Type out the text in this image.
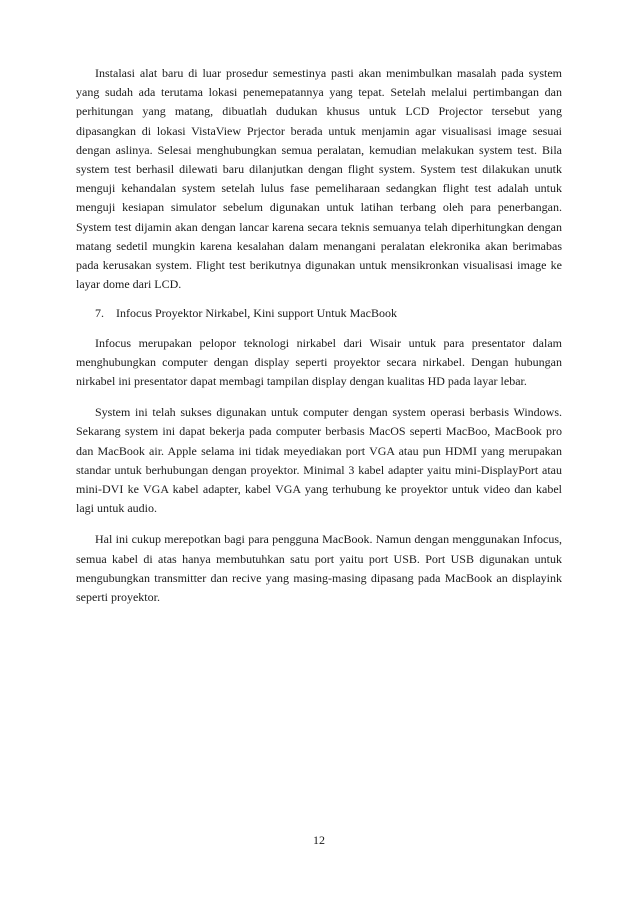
Instalasi alat baru di luar prosedur semestinya pasti akan menimbulkan masalah pada system yang sudah ada terutama lokasi penemepatannya yang tepat. Setelah melalui pertimbangan dan perhitungan yang matang, dibuatlah dudukan khusus untuk LCD Projector tersebut yang dipasangkan di lokasi VistaView Prjector berada untuk menjamin agar visualisasi image sesuai dengan aslinya. Selesai menghubungkan semua peralatan, kemudian melakukan system test. Bila system test berhasil dilewati baru dilanjutkan dengan flight system. System test dilakukan unutk menguji kehandalan system setelah lulus fase pemeliharaan sedangkan flight test adalah untuk menguji kesiapan simulator sebelum digunakan untuk latihan terbang oleh para penerbangan. System test dijamin akan dengan lancar karena secara teknis semuanya telah diperhitungkan dengan matang sedetil mungkin karena kesalahan dalam menangani peralatan elekronika akan berimabas pada kerusakan system. Flight test berikutnya digunakan untuk mensikronkan visualisasi image ke layar dome dari LCD.

7. Infocus Proyektor Nirkabel, Kini support Untuk MacBook

Infocus merupakan pelopor teknologi nirkabel dari Wisair untuk para presentator dalam menghubungkan computer dengan display seperti proyektor secara nirkabel. Dengan hubungan nirkabel ini presentator dapat membagi tampilan display dengan kualitas HD pada layar lebar.

System ini telah sukses digunakan untuk computer dengan system operasi berbasis Windows. Sekarang system ini dapat bekerja pada computer berbasis MacOS seperti MacBoo, MacBook pro dan MacBook air. Apple selama ini tidak meyediakan port VGA atau pun HDMI yang merupakan standar untuk berhubungan dengan proyektor. Minimal 3 kabel adapter yaitu mini-DisplayPort atau mini-DVI ke VGA kabel adapter, kabel VGA yang terhubung ke proyektor untuk video dan kabel lagi untuk audio.

Hal ini cukup merepotkan bagi para pengguna MacBook. Namun dengan menggunakan Infocus, semua kabel di atas hanya membutuhkan satu port yaitu port USB. Port USB digunakan untuk mengubungkan transmitter dan recive yang masing-masing dipasang pada MacBook an displayink seperti proyektor.

12
